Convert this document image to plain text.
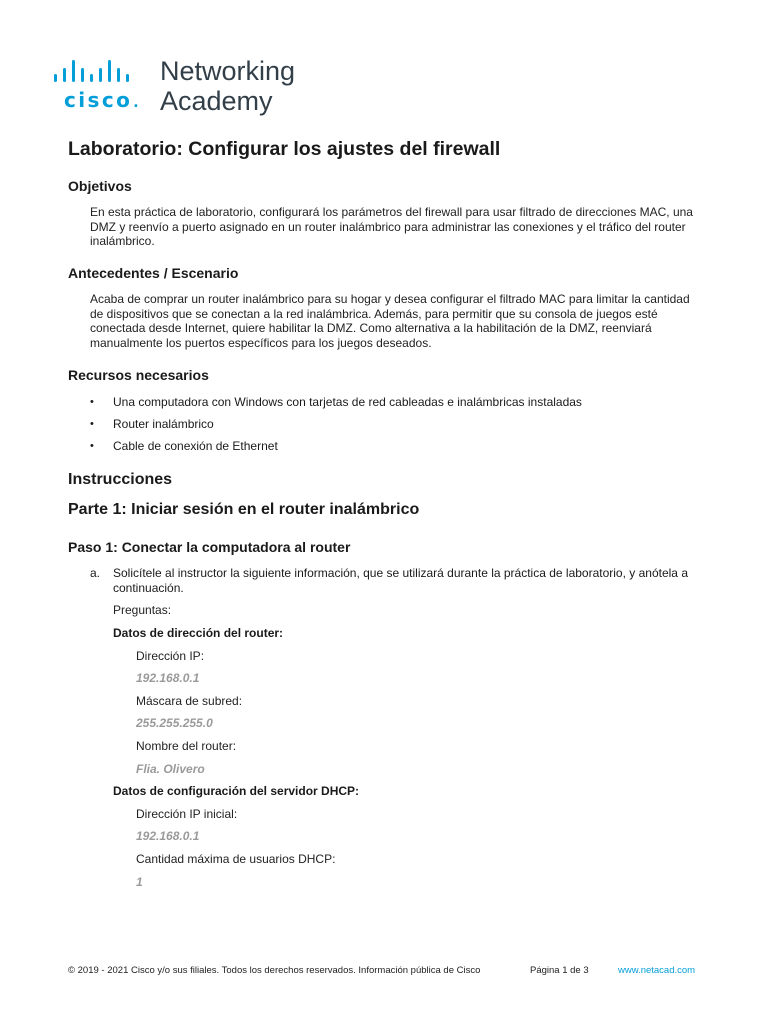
cisco.
Networking
Academy
Laboratorio: Configurar los ajustes del firewall
Objetivos
En esta práctica de laboratorio, configurará los parámetros del firewall para usar filtrado de direcciones MAC, una DMZ y reenvío a puerto asignado en un router inalámbrico para administrar las conexiones y el tráfico del router inalámbrico.
Antecedentes / Escenario
Acaba de comprar un router inalámbrico para su hogar y desea configurar el filtrado MAC para limitar la cantidad de dispositivos que se conectan a la red inalámbrica. Además, para permitir que su consola de juegos esté conectada desde Internet, quiere habilitar la DMZ. Como alternativa a la habilitación de la DMZ, reenviará manualmente los puertos específicos para los juegos deseados.
Recursos necesarios
• Una computadora con Windows con tarjetas de red cableadas e inalámbricas instaladas
• Router inalámbrico
• Cable de conexión de Ethernet
Instrucciones
Parte 1: Iniciar sesión en el router inalámbrico
Paso 1: Conectar la computadora al router
a. Solicítele al instructor la siguiente información, que se utilizará durante la práctica de laboratorio, y anótela a continuación.
Preguntas:
Datos de dirección del router:
Dirección IP:
192.168.0.1
Máscara de subred:
255.255.255.0
Nombre del router:
Flia. Olivero
Datos de configuración del servidor DHCP:
Dirección IP inicial:
192.168.0.1
Cantidad máxima de usuarios DHCP:
1
© 2019 - 2021 Cisco y/o sus filiales. Todos los derechos reservados. Información pública de Cisco	Página 1 de 3	www.netacad.com
